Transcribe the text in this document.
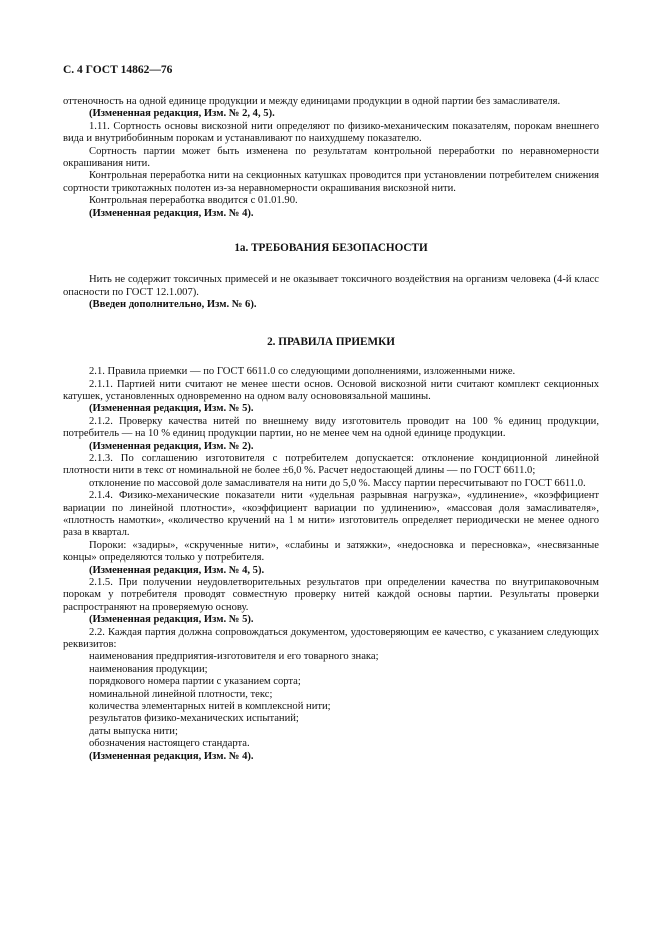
С. 4 ГОСТ 14862—76

оттеночность на одной единице продукции и между единицами продукции в одной партии без замасливателя.

(Измененная редакция, Изм. № 2, 4, 5).

1.11. Сортность основы вискозной нити определяют по физико-механическим показателям, порокам внешнего вида и внутрибобинным порокам и устанавливают по наихудшему показателю.

Сортность партии может быть изменена по результатам контрольной переработки по неравномерности окрашивания нити.

Контрольная переработка нити на секционных катушках проводится при установлении потребителем снижения сортности трикотажных полотен из-за неравномерности окрашивания вискозной нити.

Контрольная переработка вводится с 01.01.90.

(Измененная редакция, Изм. № 4).

1а. ТРЕБОВАНИЯ БЕЗОПАСНОСТИ

Нить не содержит токсичных примесей и не оказывает токсичного воздействия на организм человека (4-й класс опасности по ГОСТ 12.1.007).

(Введен дополнительно, Изм. № 6).

2. ПРАВИЛА ПРИЕМКИ

2.1. Правила приемки — по ГОСТ 6611.0 со следующими дополнениями, изложенными ниже.

2.1.1. Партией нити считают не менее шести основ. Основой вискозной нити считают комплект секционных катушек, установленных одновременно на одном валу основовязальной машины.

(Измененная редакция, Изм. № 5).

2.1.2. Проверку качества нитей по внешнему виду изготовитель проводит на 100 % единиц продукции, потребитель — на 10 % единиц продукции партии, но не менее чем на одной единице продукции.

(Измененная редакция, Изм. № 2).

2.1.3. По соглашению изготовителя с потребителем допускается: отклонение кондиционной линейной плотности нити в текс от номинальной не более ±6,0 %. Расчет недостающей длины — по ГОСТ 6611.0;

отклонение по массовой доле замасливателя на нити до 5,0 %. Массу партии пересчитывают по ГОСТ 6611.0.

2.1.4. Физико-механические показатели нити «удельная разрывная нагрузка», «удлинение», «коэффициент вариации по линейной плотности», «коэффициент вариации по удлинению», «массовая доля замасливателя», «плотность намотки», «количество кручений на 1 м нити» изготовитель определяет периодически не менее одного раза в квартал.

Пороки: «задиры», «скрученные нити», «слабины и затяжки», «недосновка и пересновка», «несвязанные концы» определяются только у потребителя.

(Измененная редакция, Изм. № 4, 5).

2.1.5. При получении неудовлетворительных результатов при определении качества по внутрипаковочным порокам у потребителя проводят совместную проверку нитей каждой основы партии. Результаты проверки распространяют на проверяемую основу.

(Измененная редакция, Изм. № 5).

2.2. Каждая партия должна сопровождаться документом, удостоверяющим ее качество, с указанием следующих реквизитов:

наименования предприятия-изготовителя и его товарного знака;

наименования продукции;

порядкового номера партии с указанием сорта;

номинальной линейной плотности, текс;

количества элементарных нитей в комплексной нити;

результатов физико-механических испытаний;

даты выпуска нити;

обозначения настоящего стандарта.

(Измененная редакция, Изм. № 4).
